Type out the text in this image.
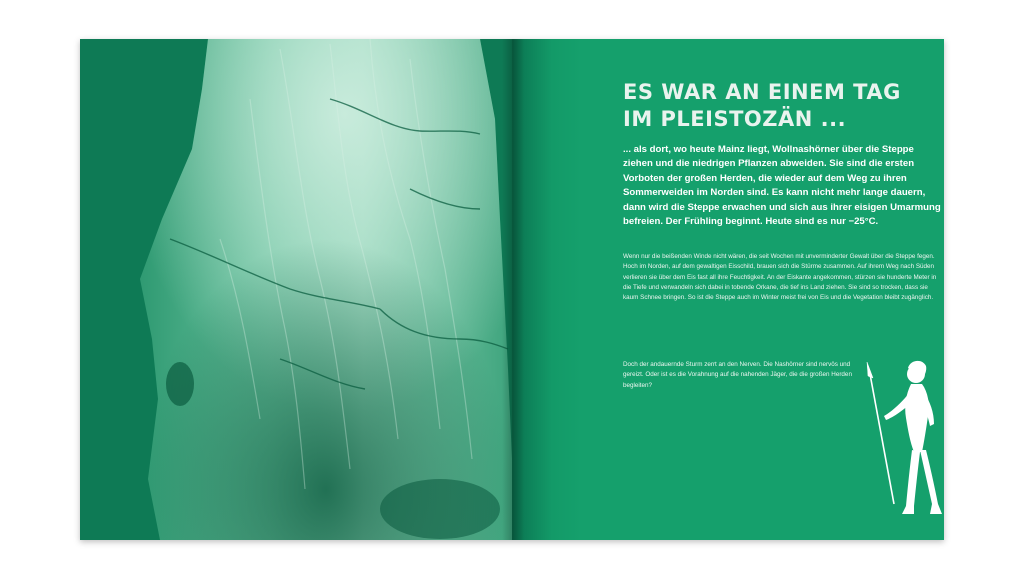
ES WAR AN EINEM TAG
IM PLEISTOZÄN ...

... als dort, wo heute Mainz liegt, Wollnashörner über die Steppe ziehen und die niedrigen Pflanzen abweiden. Sie sind die ersten Vorboten der großen Herden, die wieder auf dem Weg zu ihren Sommerweiden im Norden sind. Es kann nicht mehr lange dauern, dann wird die Steppe erwachen und sich aus ihrer eisigen Umarmung befreien. Der Frühling beginnt. Heute sind es nur −25°C.

Wenn nur die beißenden Winde nicht wären, die seit Wochen mit unverminderter Gewalt über die Steppe fegen. Hoch im Norden, auf dem gewaltigen Eisschild, brauen sich die Stürme zusammen. Auf ihrem Weg nach Süden verlieren sie über dem Eis fast all ihre Feuchtigkeit. An der Eiskante angekommen, stürzen sie hunderte Meter in die Tiefe und verwandeln sich dabei in tobende Orkane, die tief ins Land ziehen. Sie sind so trocken, dass sie kaum Schnee bringen. So ist die Steppe auch im Winter meist frei von Eis und die Vegetation bleibt zugänglich.

Doch der andauernde Sturm zerrt an den Nerven. Die Nashörner sind nervös und gereizt. Oder ist es die Vorahnung auf die nahenden Jäger, die die großen Herden begleiten?
